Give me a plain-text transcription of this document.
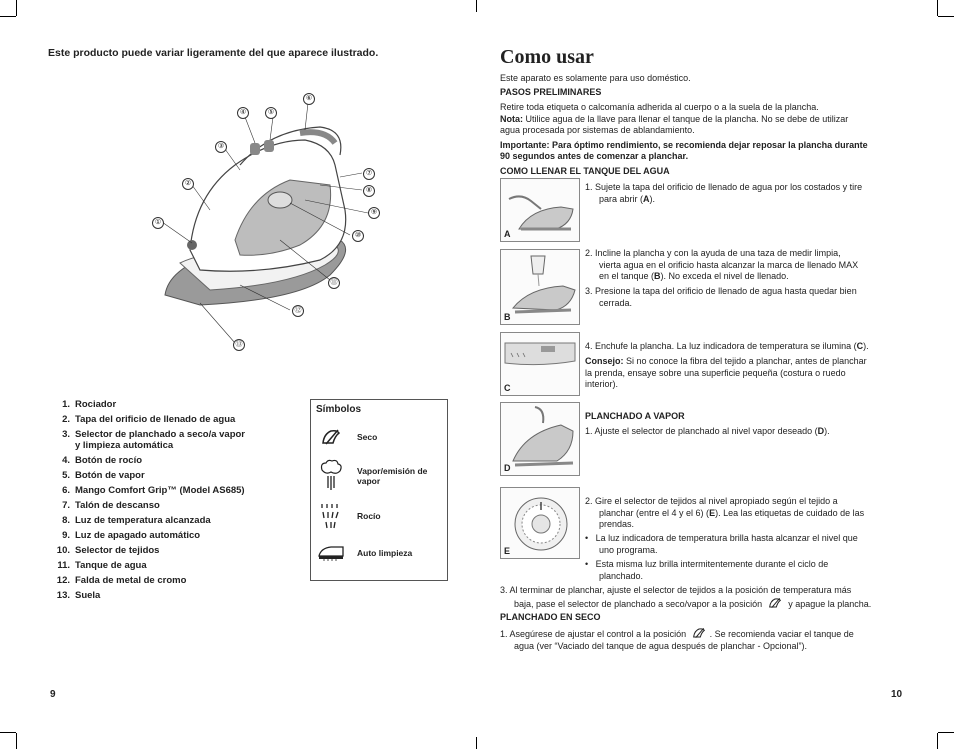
Este producto puede variar ligeramente del que aparece ilustrado.
①
②
③
④	⑤
⑥
⑦
⑧
⑨
⑩
⑪
⑫
⑬
1. Rociador
2. Tapa del orificio de llenado de agua
3. Selector de planchado a seco/a vapor
y limpieza automática
4. Botón de rocío
5. Botón de vapor
6. Mango Comfort Grip™ (Model AS685)
7. Talón de descanso
8. Luz de temperatura alcanzada
9. Luz de apagado automático
10. Selector de tejidos
11. Tanque de agua
12. Falda de metal de cromo
13. Suela
Símbolos
Seco
Vapor/emisión de vapor
Rocío
Auto limpieza
9
Como usar
Este aparato es solamente para uso doméstico.
PASOS PRELIMINARES
Retire toda etiqueta o calcomanía adherida al cuerpo o a la suela de la plancha.
Nota: Utilice agua de la llave para llenar el tanque de la plancha. No se debe de utilizar
agua procesada por sistemas de ablandamiento.
Importante: Para óptimo rendimiento, se recomienda dejar reposar la plancha durante
90 segundos antes de comenzar a planchar.
COMO LLENAR EL TANQUE DEL AGUA
A
1. Sujete la tapa del orificio de llenado de agua por los costados y tire
para abrir (A).
B
2. Incline la plancha y con la ayuda de una taza de medir limpia,
vierta agua en el orificio hasta alcanzar la marca de llenado MAX
en el tanque (B). No exceda el nivel de llenado.
3. Presione la tapa del orificio de llenado de agua hasta quedar bien
cerrada.
C
4. Enchufe la plancha. La luz indicadora de temperatura se ilumina (C).
Consejo: Si no conoce la fibra del tejido a planchar, antes de planchar
la prenda, ensaye sobre una superficie pequeña (costura o ruedo
interior).
D
PLANCHADO A VAPOR
1. Ajuste el selector de planchado al nivel vapor deseado (D).
E
2. Gire el selector de tejidos al nivel apropiado según el tejido a
planchar (entre el 4 y el 6) (E). Lea las etiquetas de cuidado de las
prendas.
•   La luz indicadora de temperatura brilla hasta alcanzar el nivel que
uno programa.
•   Esta misma luz brilla intermitentemente durante el ciclo de
planchado.
3. Al terminar de planchar, ajuste el selector de tejidos a la posición de temperatura más
baja, pase el selector de planchado a seco/vapor a la posición	y apague la plancha.
PLANCHADO EN SECO
1. Asegúrese de ajustar el control a la posición	. Se recomienda vaciar el tanque de
agua (ver “Vaciado del tanque de agua después de planchar - Opcional”).
10
